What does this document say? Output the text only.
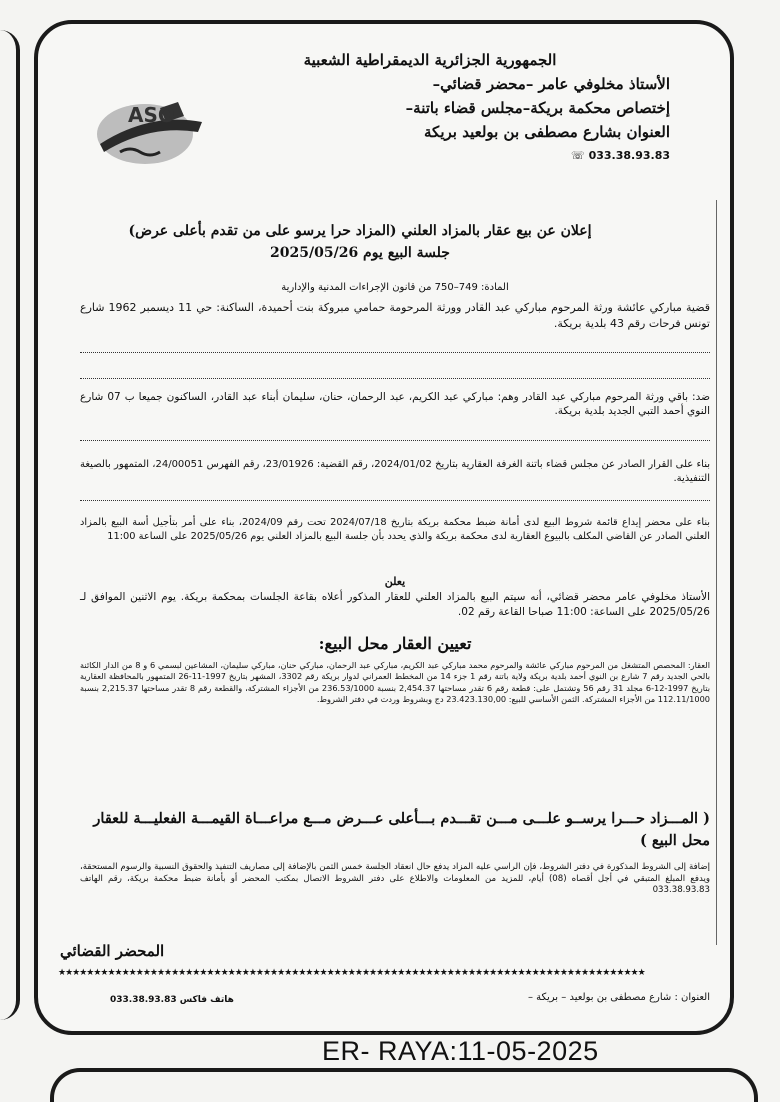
ASO
الجمهورية الجزائرية الديمقراطية الشعبية
الأستاذ مخلوفي عامر –محضر قضائي–
إختصاص محكمة بريكة–مجلس قضاء باتنة–
العنوان بشارع مصطفى بن بولعيد بريكة
033.38.93.83 ☏
إعلان عن بيع عقار بالمزاد العلني (المزاد حرا يرسو على من تقدم بأعلى عرض)
جلسة البيع يوم 2025/05/26
المادة: 749–750 من قانون الإجراءات المدنية والإدارية
قضية مباركي عائشة ورثة المرحوم مباركي عبد القادر وورثة المرحومة حمامي مبروكة بنت أحميدة، الساكنة: حي 11 ديسمبر 1962 شارع تونس فرحات رقم 43 بلدية بريكة.
ضد: باقي ورثة المرحوم مباركي عبد القادر وهم: مباركي عبد الكريم، عبد الرحمان، حنان، سليمان أبناء عبد القادر، الساكنون جميعا ب 07 شارع النوي أحمد التبي الجديد بلدية بريكة.
بناء على القرار الصادر عن مجلس قضاء باتنة الغرفة العقارية بتاريخ 2024/01/02، رقم القضية: 23/01926، رقم الفهرس 24/00051، المتمهور بالصيغة التنفيذية.
بناء على محضر إيداع قائمة شروط البيع لدى أمانة ضبط محكمة بريكة بتاريخ 2024/07/18 تحت رقم 2024/09، بناء على أمر بتأجيل أسة البيع بالمزاد العلني الصادر عن القاضي المكلف بالبيوع العقارية لدى محكمة بريكة والذي يحدد بأن جلسة البيع بالمزاد العلني يوم 2025/05/26 على الساعة 11:00
يعلن
الأستاذ مخلوفي عامر محضر قضائي، أنه سيتم البيع بالمزاد العلني للعقار المذكور أعلاه بقاعة الجلسات بمحكمة بريكة. يوم الاثنين الموافق لـ 2025/05/26 على الساعة: 11:00 صباحا القاعة رقم 02.
تعيين العقار محل البيع:
العقار: المحصص المتشغل من المرحوم مباركي عائشة والمرحوم محمد مباركي عبد الكريم، مباركي عبد الرحمان، مباركي حنان، مباركي سليمان، المشاعين لبسمي 6 و 8 من الدار الكائنة بالحي الجديد رقم 7 شارع بن النوي أحمد بلدية بريكة ولاية باتنة رقم 1 جزء 14 من المخطط العمراني لدوار بريكة رقم 3302، المشهر بتاريخ 1997-11-26 المتمهور بالمحافظة العقارية بتاريخ 1997-12-6 مجلد 31 رقم 56 وتشتمل على: قطعة رقم 6 تقدر مساحتها 2,454.37 بنسبة 236.53/1000 من الأجزاء المشتركة، والقطعة رقم 8 تقدر مساحتها 2,215.37 بنسبة 112.11/1000 من الأجزاء المشتركة. الثمن الأساسي للبيع: 23.423.130,00 دج وبشروط وردت في دفتر الشروط.
( المـــزاد حـــرا يرســو علـــى مـــن تقـــدم بـــأعلى عـــرض مـــع مراعـــاة القيمـــة الفعليـــة للعقار محل البيع )
إضافة إلى الشروط المذكورة في دفتر الشروط، فإن الراسي عليه المزاد يدفع حال انعقاد الجلسة خمس الثمن بالإضافة إلى مصاريف التنفيذ والحقوق النسبية والرسوم المستحقة، ويدفع المبلغ المتبقي في أجل أقصاه (08) أيام، للمزيد من المعلومات والاطلاع على دفتر الشروط الاتصال بمكتب المحضر أو بأمانة ضبط محكمة بريكة، رقم الهاتف 033.38.93.83
المحضر القضائي
★★★★★★★★★★★★★★★★★★★★★★★★★★★★★★★★★★★★★★★★★★★★★★★★★★★★★★★★★★★★★★★★★★★★★★★★★★★★★★★★★★★
هاتف فاكس 033.38.93.83	العنوان : شارع مصطفى بن بولعيد – بريكة –
ER- RAYA:11-05-2025
